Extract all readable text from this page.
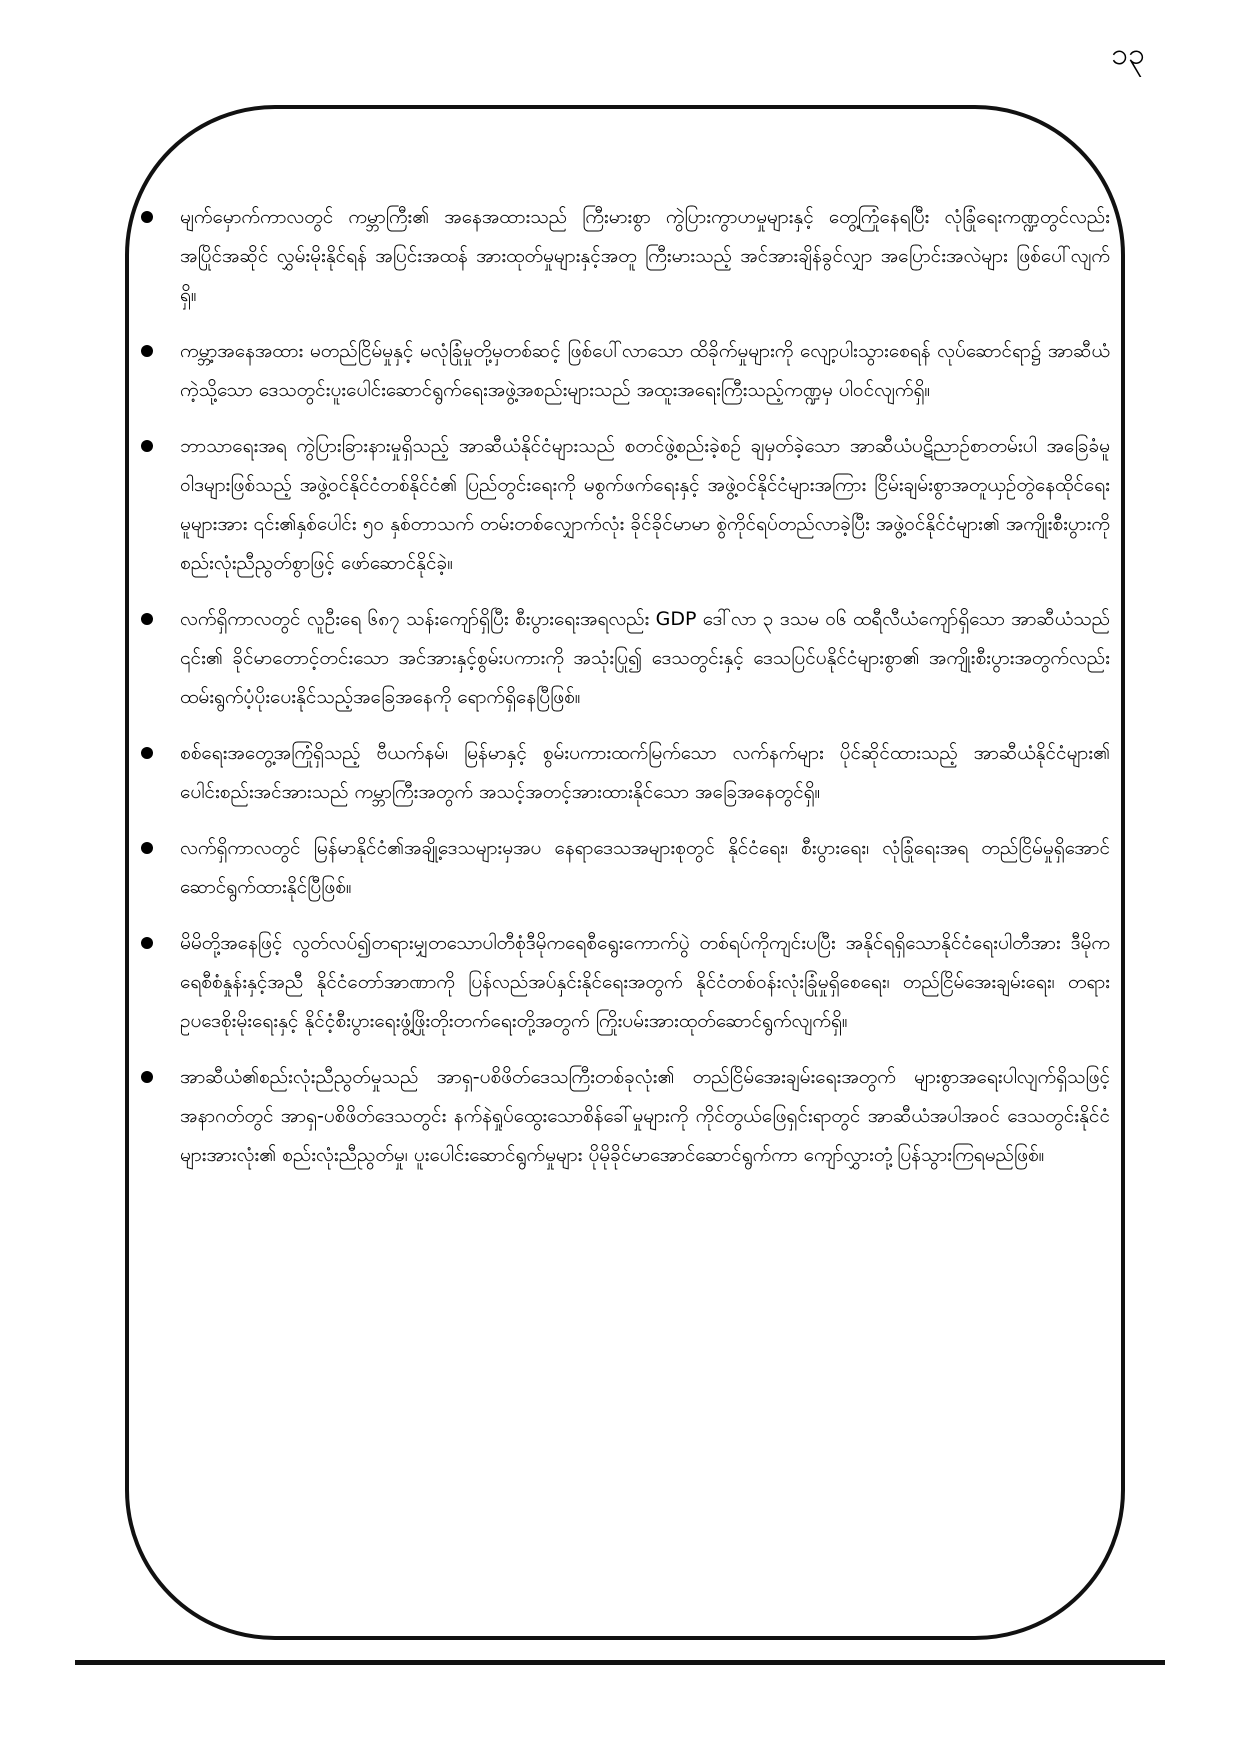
၁၃
မျက်မှောက်ကာလတွင် ကမ္ဘာကြီး၏ အနေအထားသည် ကြီးမားစွာ ကွဲပြားကွာဟမှုများနှင့် တွေ့ကြုံနေရပြီး လုံခြုံရေးကဏ္ဍတွင်လည်း အပြိုင်အဆိုင် လွှမ်းမိုးနိုင်ရန် အပြင်းအထန် အားထုတ်မှုများနှင့်အတူ ကြီးမားသည့် အင်အားချိန်ခွင်လျှာ အပြောင်းအလဲများ ဖြစ်ပေါ်လျက်ရှိ။
ကမ္ဘာ့အနေအထား မတည်ငြိမ်မှုနှင့် မလုံခြုံမှုတို့မှတစ်ဆင့် ဖြစ်ပေါ်လာသော ထိခိုက်မှုများကို လျော့ပါးသွားစေရန် လုပ်ဆောင်ရာ၌ အာဆီယံကဲ့သို့သော ဒေသတွင်းပူးပေါင်းဆောင်ရွက်ရေးအဖွဲ့အစည်းများသည် အထူးအရေးကြီးသည့်ကဏ္ဍမှ ပါဝင်လျက်ရှိ။
ဘာသာရေးအရ ကွဲပြားခြားနားမှုရှိသည့် အာဆီယံနိုင်ငံများသည် စတင်ဖွဲ့စည်းခဲ့စဉ် ချမှတ်ခဲ့သော အာဆီယံပဋိညာဉ်စာတမ်းပါ အခြေခံမူဝါဒများဖြစ်သည့် အဖွဲ့ဝင်နိုင်ငံတစ်နိုင်ငံ၏ ပြည်တွင်းရေးကို မစွက်ဖက်ရေးနှင့် အဖွဲ့ဝင်နိုင်ငံများအကြား ငြိမ်းချမ်းစွာအတူယှဉ်တွဲနေထိုင်ရေးမူများအား ၎င်း၏နှစ်ပေါင်း ၅၀ နှစ်တာသက် တမ်းတစ်လျှောက်လုံး ခိုင်ခိုင်မာမာ စွဲကိုင်ရပ်တည်လာခဲ့ပြီး အဖွဲ့ဝင်နိုင်ငံများ၏ အကျိုးစီးပွားကို စည်းလုံးညီညွတ်စွာဖြင့် ဖော်ဆောင်နိုင်ခဲ့။
လက်ရှိကာလတွင် လူဦးရေ ၆၈၇ သန်းကျော်ရှိပြီး စီးပွားရေးအရလည်း GDP ဒေါ်လာ ၃ ဒသမ ၀၆ ထရီလီယံကျော်ရှိသော အာဆီယံသည် ၎င်း၏ ခိုင်မာတောင့်တင်းသော အင်အားနှင့်စွမ်းပကားကို အသုံးပြု၍ ဒေသတွင်းနှင့် ဒေသပြင်ပနိုင်ငံများစွာ၏ အကျိုးစီးပွားအတွက်လည်း ထမ်းရွက်ပံ့ပိုးပေးနိုင်သည့်အခြေအနေကို ရောက်ရှိနေပြီဖြစ်။
စစ်ရေးအတွေ့အကြုံရှိသည့် ဗီယက်နမ်၊ မြန်မာနှင့် စွမ်းပကားထက်မြက်သော လက်နက်များ ပိုင်ဆိုင်ထားသည့် အာဆီယံနိုင်ငံများ၏ ပေါင်းစည်းအင်အားသည် ကမ္ဘာကြီးအတွက် အသင့်အတင့်အားထားနိုင်သော အခြေအနေတွင်ရှိ။
လက်ရှိကာလတွင် မြန်မာနိုင်ငံ၏အချို့ဒေသများမှအပ နေရာဒေသအများစုတွင် နိုင်ငံရေး၊ စီးပွားရေး၊ လုံခြုံရေးအရ တည်ငြိမ်မှုရှိအောင် ဆောင်ရွက်ထားနိုင်ပြီဖြစ်။
မိမိတို့အနေဖြင့် လွတ်လပ်၍တရားမျှတသောပါတီစုံဒီမိုကရေစီရွေးကောက်ပွဲ တစ်ရပ်ကိုကျင်းပပြီး အနိုင်ရရှိသောနိုင်ငံရေးပါတီအား ဒီမိုကရေစီစံနှုန်းနှင့်အညီ နိုင်ငံတော်အာဏာကို ပြန်လည်အပ်နှင်းနိုင်ရေးအတွက် နိုင်ငံတစ်ဝန်းလုံးခြုံမှုရှိစေရေး၊ တည်ငြိမ်အေးချမ်းရေး၊ တရားဥပဒေစိုးမိုးရေးနှင့် နိုင်ငံ့စီးပွားရေးဖွံ့ဖြိုးတိုးတက်ရေးတို့အတွက် ကြိုးပမ်းအားထုတ်ဆောင်ရွက်လျက်ရှိ။
အာဆီယံ၏စည်းလုံးညီညွတ်မှုသည် အာရှ-ပစိဖိတ်ဒေသကြီးတစ်ခုလုံး၏ တည်ငြိမ်အေးချမ်းရေးအတွက် များစွာအရေးပါလျက်ရှိသဖြင့် အနာဂတ်တွင် အာရှ-ပစိဖိတ်ဒေသတွင်း နက်နဲရှုပ်ထွေးသောစိန်ခေါ်မှုများကို ကိုင်တွယ်ဖြေရှင်းရာတွင် အာဆီယံအပါအဝင် ဒေသတွင်းနိုင်ငံများအားလုံး၏ စည်းလုံးညီညွတ်မှု၊ ပူးပေါင်းဆောင်ရွက်မှုများ ပိုမိုခိုင်မာအောင်ဆောင်ရွက်ကာ ကျော်လွှားတုံ့ပြန်သွားကြရမည်ဖြစ်။
